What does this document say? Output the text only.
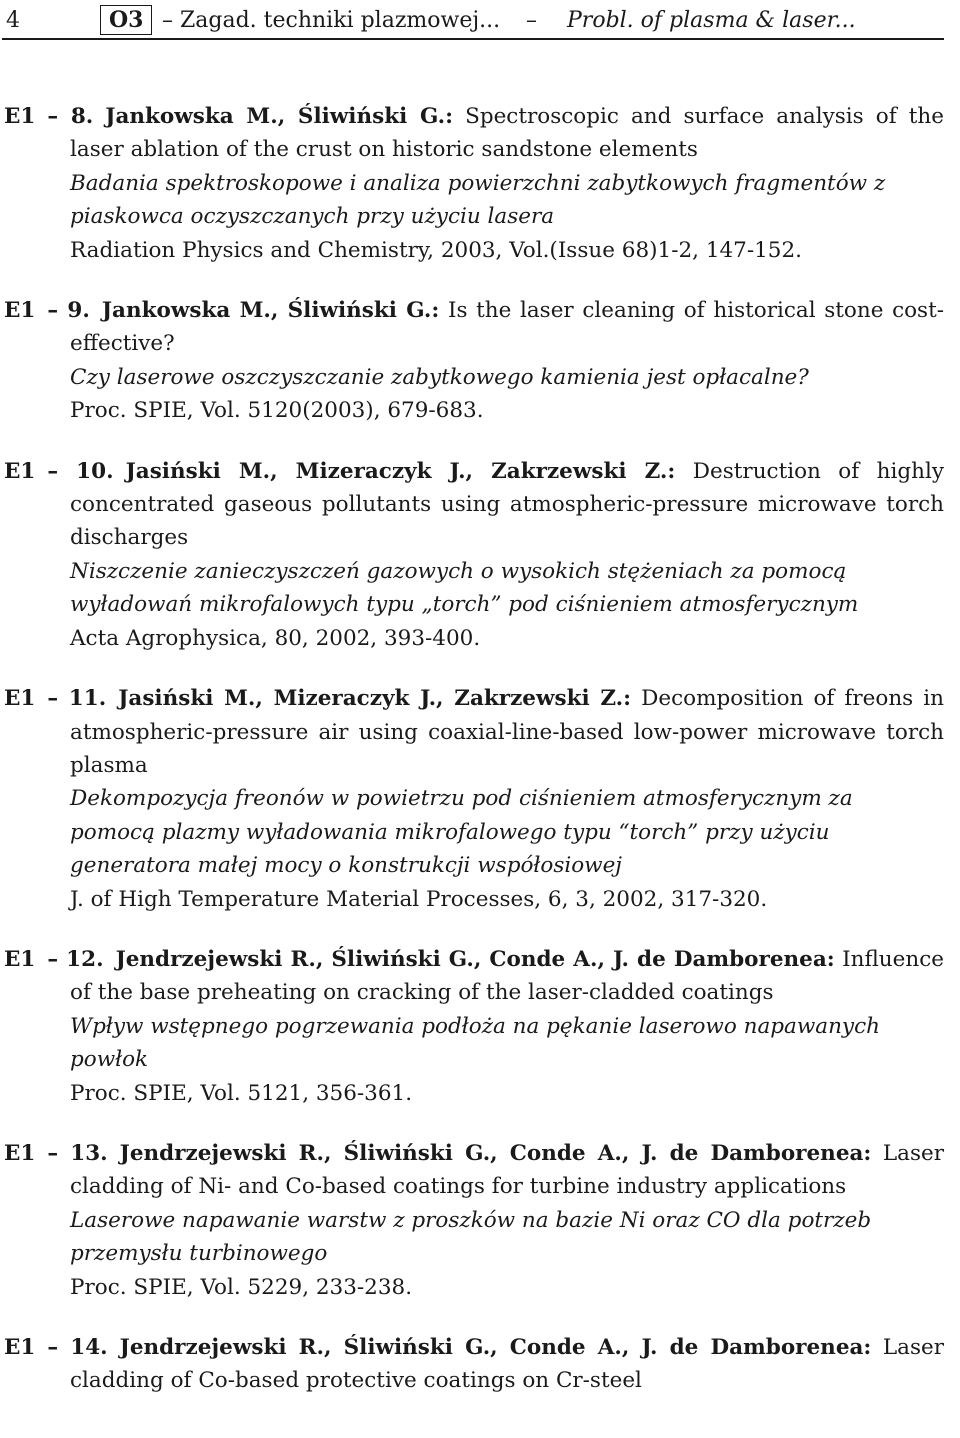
4	O3 – Zagad. techniki plazmowej... – Probl. of plasma & laser...
E1 – 8. Jankowska M., Śliwiński G.: Spectroscopic and surface analysis of the laser ablation of the crust on historic sandstone elements
Badania spektroskopowe i analiza powierzchni zabytkowych fragmentów z piaskowca oczyszczanych przy użyciu lasera
Radiation Physics and Chemistry, 2003, Vol.(Issue 68)1-2, 147-152.
E1 – 9. Jankowska M., Śliwiński G.: Is the laser cleaning of historical stone cost-effective?
Czy laserowe oszczyszczanie zabytkowego kamienia jest opłacalne?
Proc. SPIE, Vol. 5120(2003), 679-683.
E1 – 10. Jasiński M., Mizeraczyk J., Zakrzewski Z.: Destruction of highly concentrated gaseous pollutants using atmospheric-pressure microwave torch discharges
Niszczenie zanieczyszczeń gazowych o wysokich stężeniach za pomocą wyładowań mikrofalowych typu „torch” pod ciśnieniem atmosferycznym
Acta Agrophysica, 80, 2002, 393-400.
E1 – 11. Jasiński M., Mizeraczyk J., Zakrzewski Z.: Decomposition of freons in atmospheric-pressure air using coaxial-line-based low-power microwave torch plasma
Dekompozycja freonów w powietrzu pod ciśnieniem atmosferycznym za pomocą plazmy wyładowania mikrofalowego typu “torch” przy użyciu generatora małej mocy o konstrukcji współosiowej
J. of High Temperature Material Processes, 6, 3, 2002, 317-320.
E1 – 12. Jendrzejewski R., Śliwiński G., Conde A., J. de Damborenea: Influence of the base preheating on cracking of the laser-cladded coatings
Wpływ wstępnego pogrzewania podłoża na pękanie laserowo napawanych powłok
Proc. SPIE, Vol. 5121, 356-361.
E1 – 13. Jendrzejewski R., Śliwiński G., Conde A., J. de Damborenea: Laser cladding of Ni- and Co-based coatings for turbine industry applications
Laserowe napawanie warstw z proszków na bazie Ni oraz CO dla potrzeb przemysłu turbinowego
Proc. SPIE, Vol. 5229, 233-238.
E1 – 14. Jendrzejewski R., Śliwiński G., Conde A., J. de Damborenea: Laser cladding of Co-based protective coatings on Cr-steel
